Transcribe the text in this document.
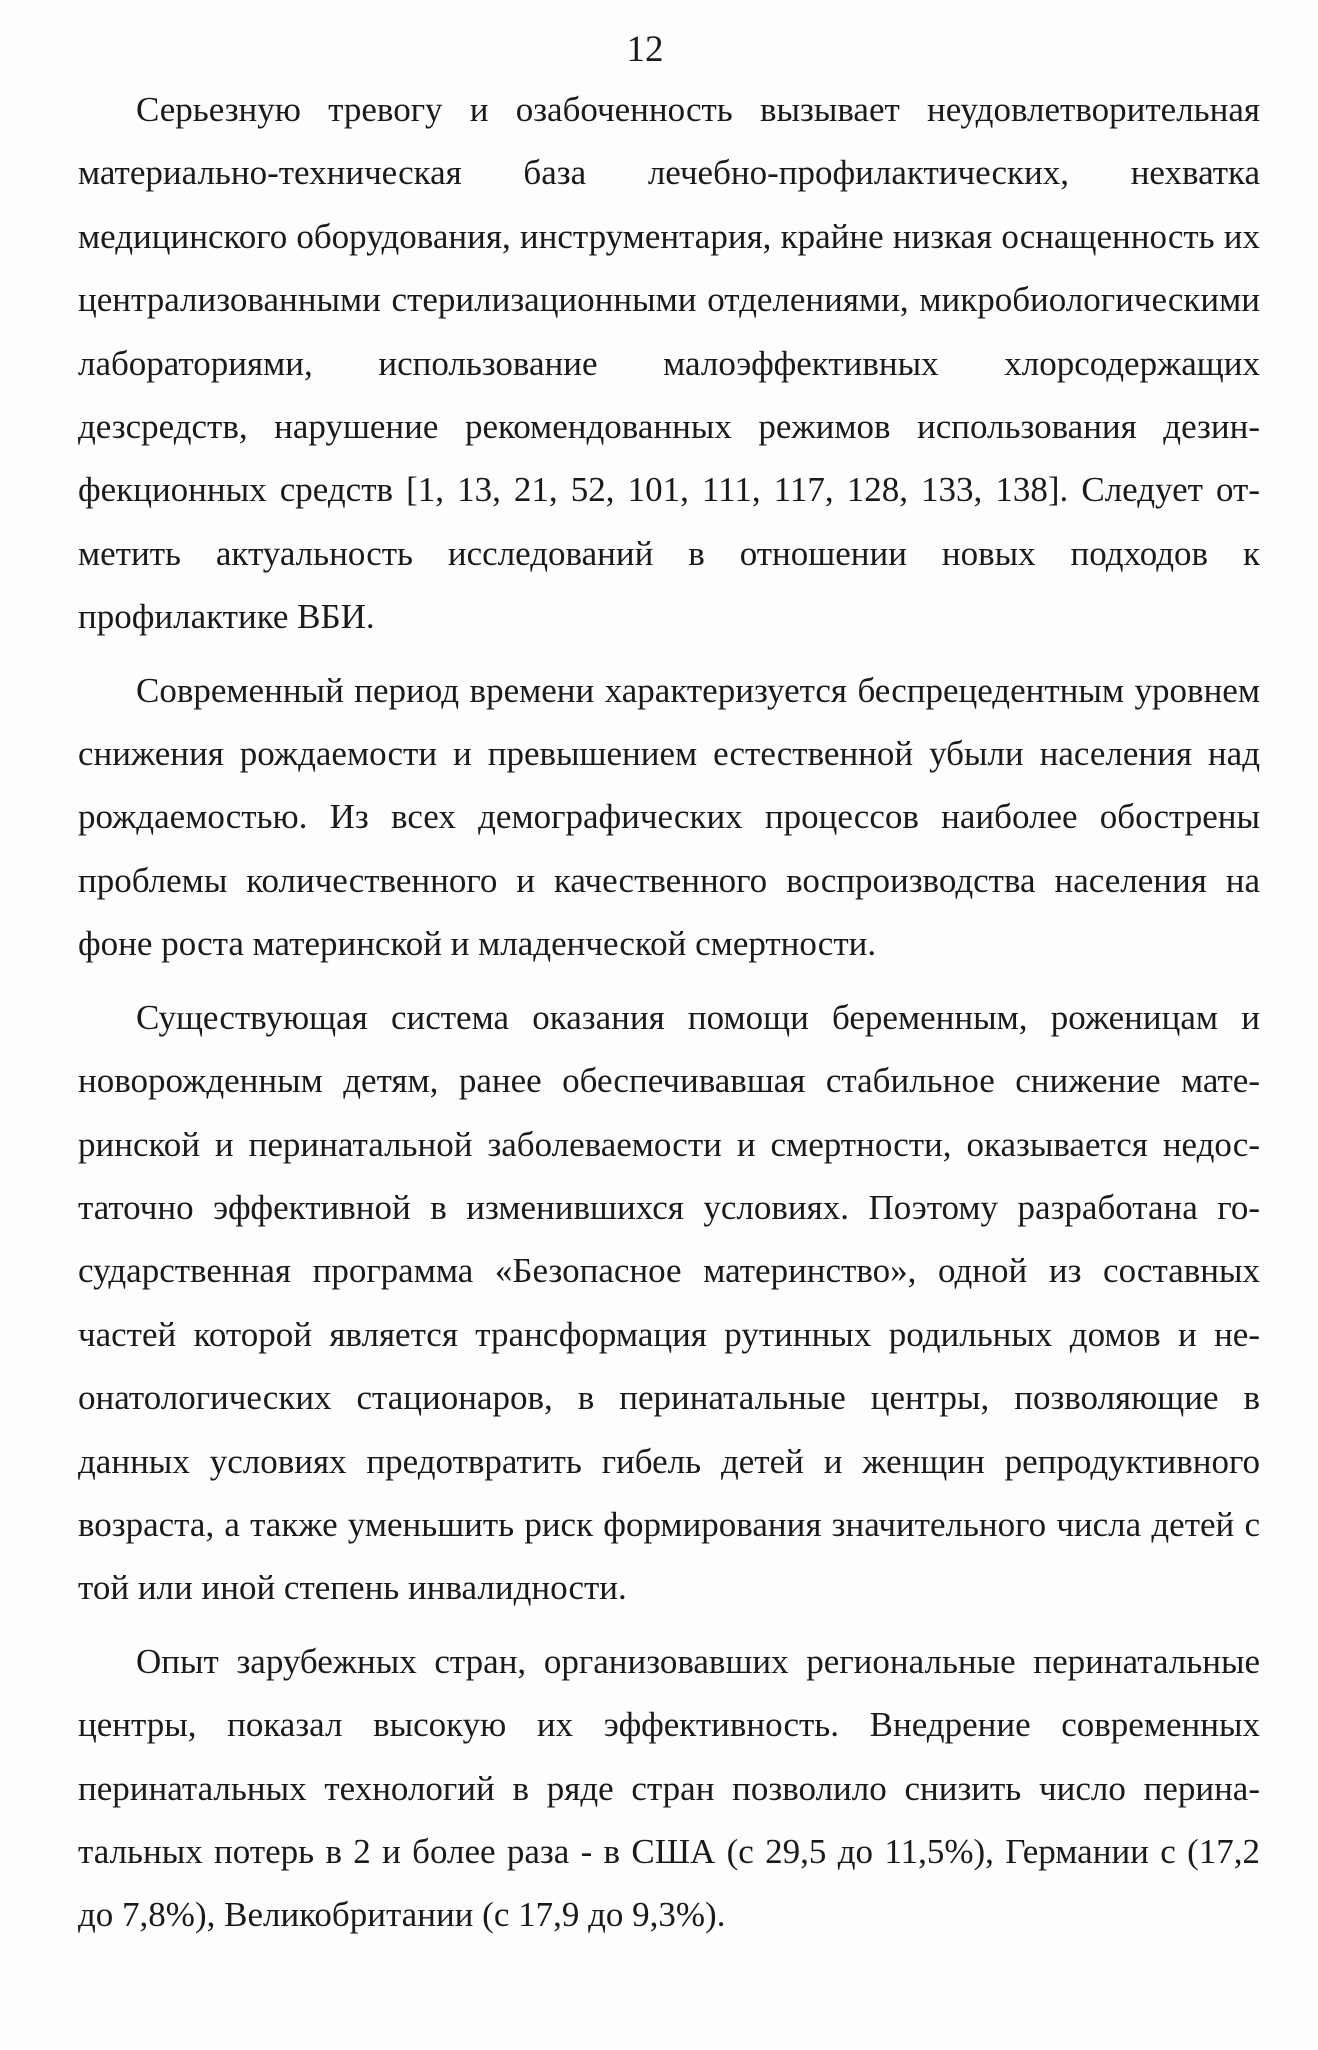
12

Серьезную тревогу и озабоченность вызывает неудовлетворительная материально-техническая база лечебно-профилактических, нехватка медицинского оборудования, инструментария, крайне низкая оснащенность их централизованными стерилизационными отделениями, микробиологическими лабораториями, использование малоэффективных хлорсодержащих дезсредств, нарушение рекомендованных режимов использования дезинфекционных средств [1, 13, 21, 52, 101, 111, 117, 128, 133, 138]. Следует отметить актуальность исследований в отношении новых подходов к профилактике ВБИ.

Современный период времени характеризуется беспрецедентным уровнем снижения рождаемости и превышением естественной убыли населения над рождаемостью. Из всех демографических процессов наиболее обострены проблемы количественного и качественного воспроизводства населения на фоне роста материнской и младенческой смертности.

Существующая система оказания помощи беременным, роженицам и новорожденным детям, ранее обеспечивавшая стабильное снижение материнской и перинатальной заболеваемости и смертности, оказывается недостаточно эффективной в изменившихся условиях. Поэтому разработана государственная программа «Безопасное материнство», одной из составных частей которой является трансформация рутинных родильных домов и неонатологических стационаров, в перинатальные центры, позволяющие в данных условиях предотвратить гибель детей и женщин репродуктивного возраста, а также уменьшить риск формирования значительного числа детей с той или иной степень инвалидности.

Опыт зарубежных стран, организовавших региональные перинатальные центры, показал высокую их эффективность. Внедрение современных перинатальных технологий в ряде стран позволило снизить число перинатальных потерь в 2 и более раза - в США (с 29,5 до 11,5%), Германии с (17,2 до 7,8%), Великобритании (с 17,9 до 9,3%).
